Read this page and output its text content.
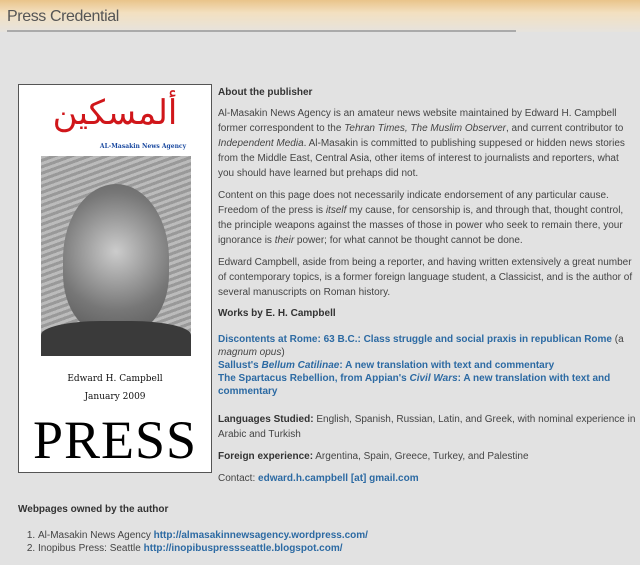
Press Credential
ألمسكين
AL-Masakin News Agency
Edward H. Campbell
January 2009
PRESS
About the publisher

Al-Masakin News Agency is an amateur news website maintained by Edward H. Campbell former correspondent to the Tehran Times, The Muslim Observer, and current contributor to Independent Media. Al-Masakin is committed to publishing suppesed or hidden news stories from the Middle East, Central Asia, other items of interest to journalists and reporters, what you should have learned but prehaps did not.

Content on this page does not necessarily indicate endorsement of any particular cause. Freedom of the press is itself my cause, for censorship is, and through that, thought control, the principle weapons against the masses of those in power who seek to remain there, your ignorance is their power; for what cannot be thought cannot be done.

Edward Campbell, aside from being a reporter, and having written extensively a great number of contemporary topics, is a former foreign language student, a Classicist, and is the author of several manuscripts on Roman history.

Works by E. H. Campbell
Discontents at Rome: 63 B.C.: Class struggle and social praxis in republican Rome (a magnum opus)
Sallust's Bellum Catilinae: A new translation with text and commentary
The Spartacus Rebellion, from Appian's Civil Wars: A new translation with text and commentary

Languages Studied: English, Spanish, Russian, Latin, and Greek, with nominal experience in Arabic and Turkish

Foreign experience: Argentina, Spain, Greece, Turkey, and Palestine

Contact: edward.h.campbell [at] gmail.com

Webpages owned by the author
1. Al-Masakin News Agency http://almasakinnewsagency.wordpress.com/
2. Inopibus Press: Seattle http://inopibuspressseattle.blogspot.com/
